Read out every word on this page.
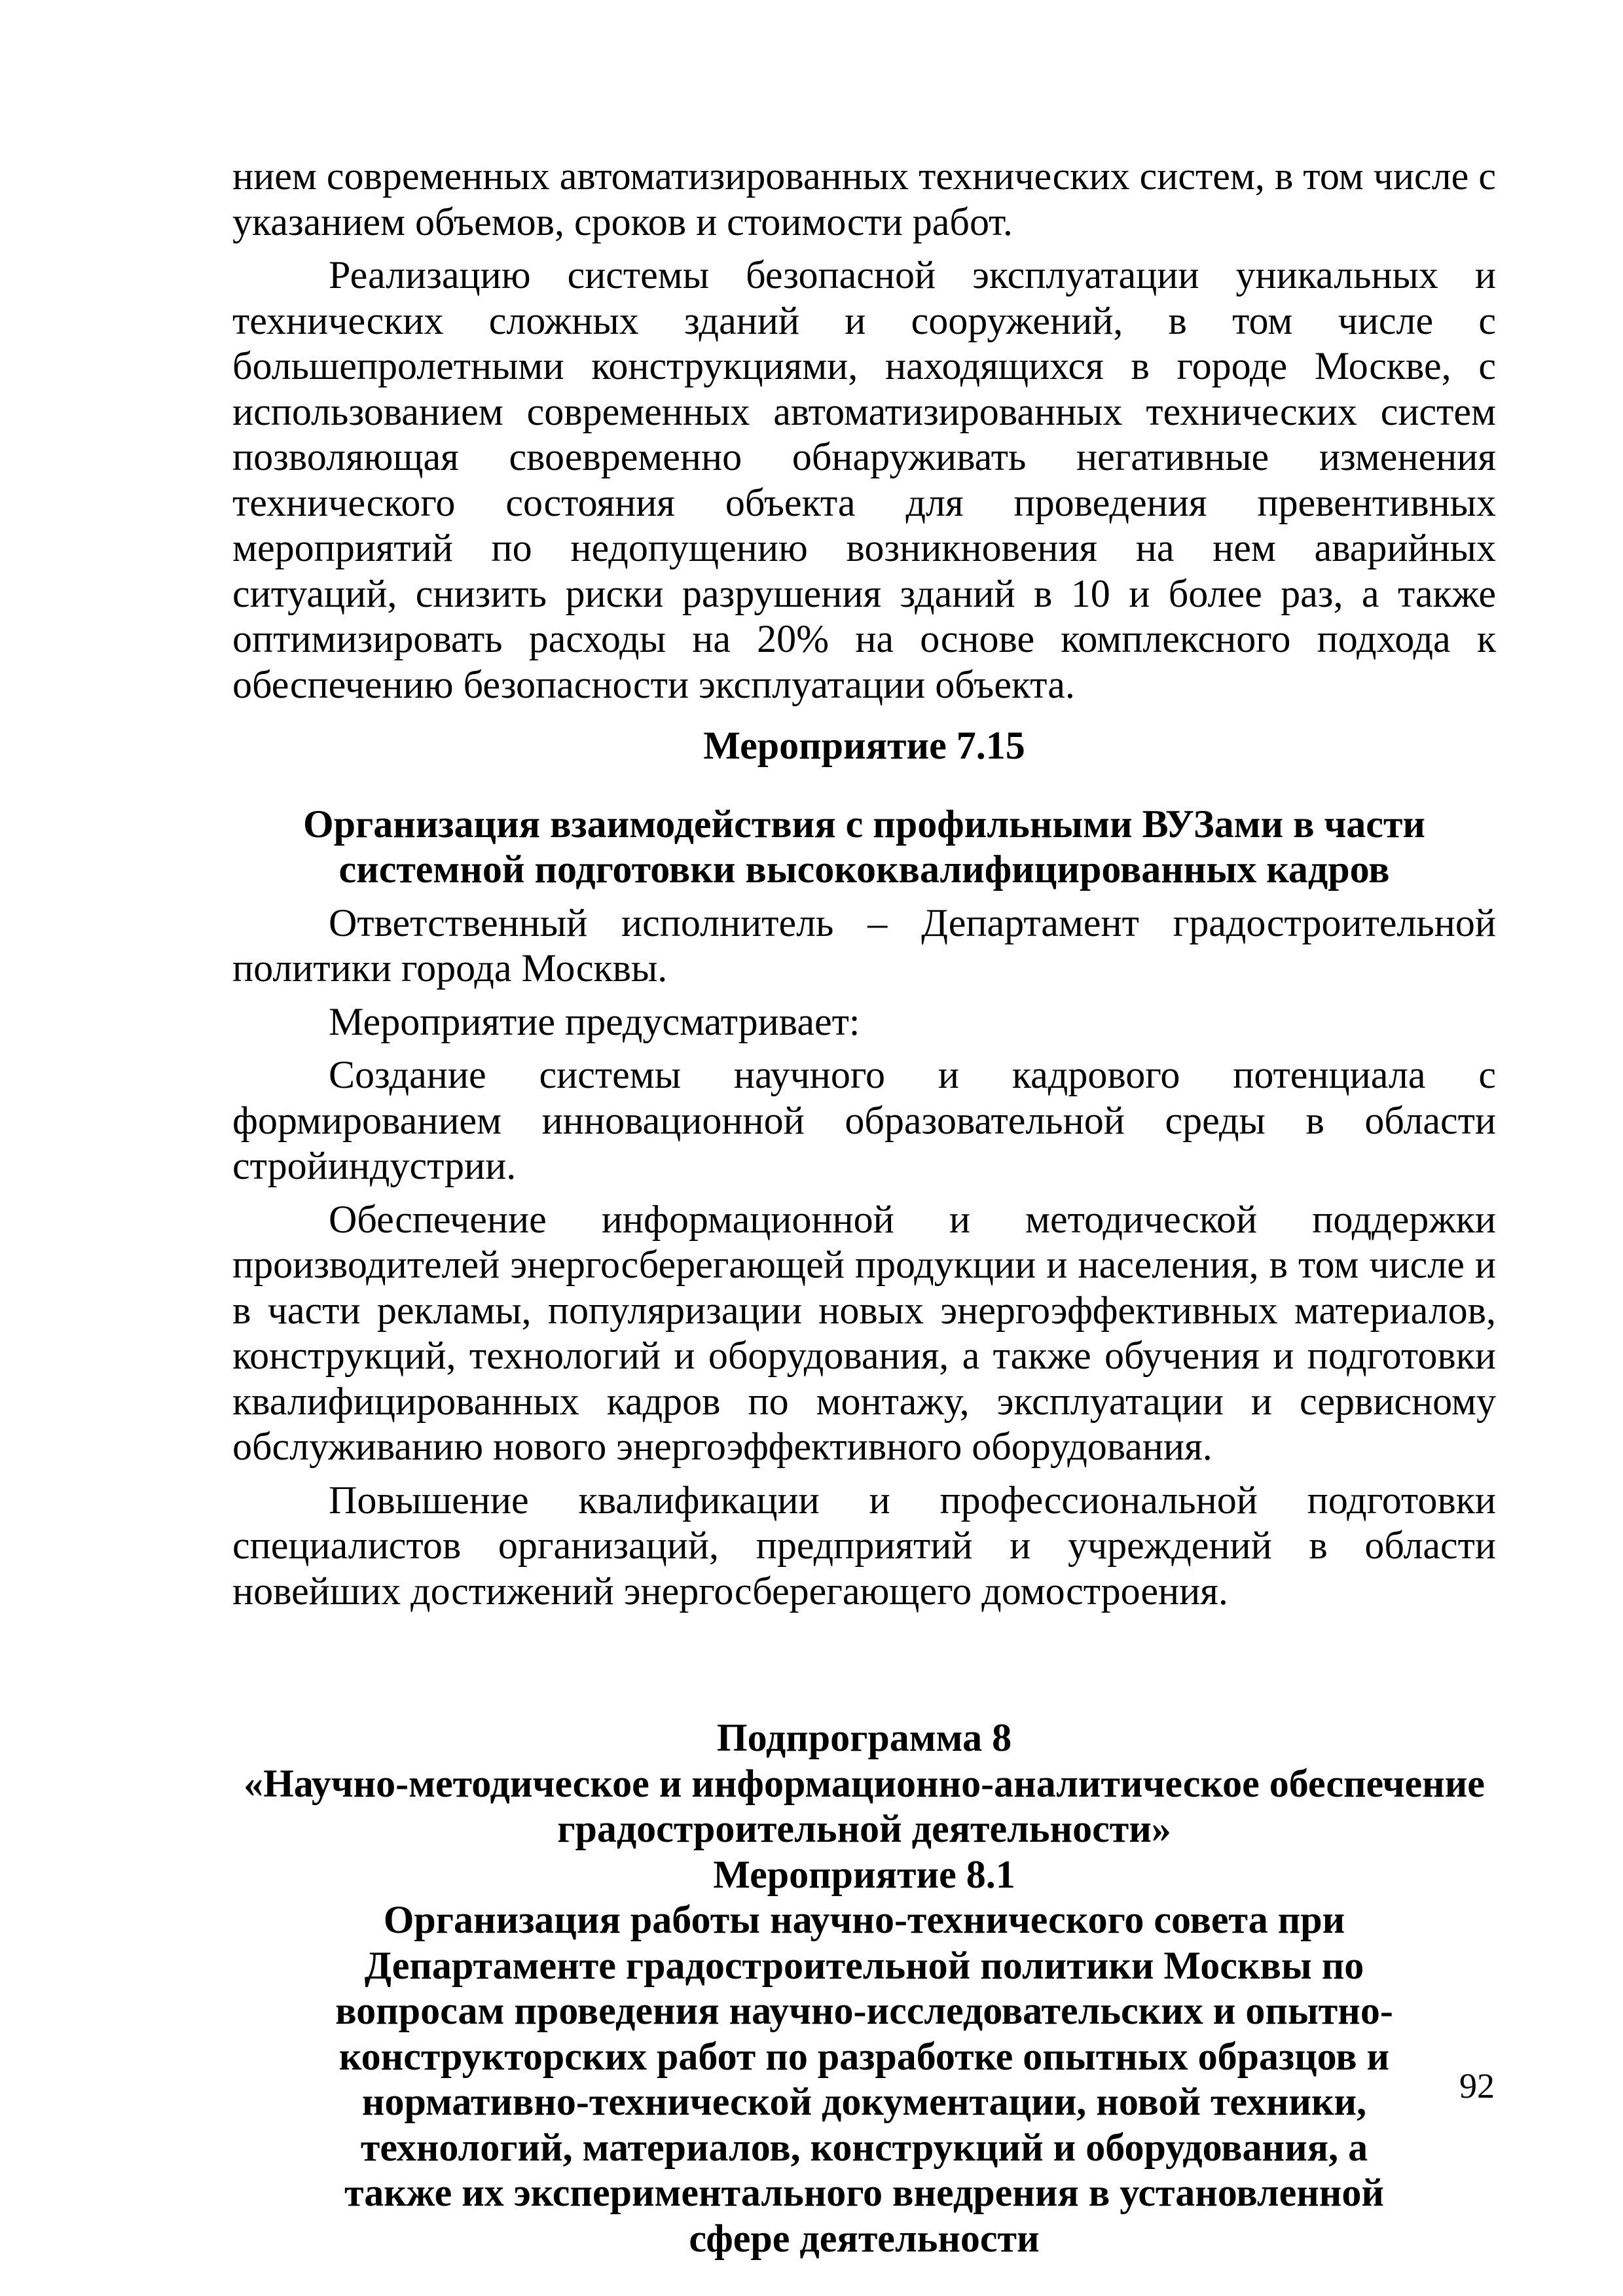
нием современных автоматизированных технических систем, в том числе с указанием объемов, сроков и стоимости работ.

Реализацию системы безопасной эксплуатации уникальных и технических сложных зданий и сооружений, в том числе с большепролетными конструкциями, находящихся в городе Москве, с использованием современных автоматизированных технических систем позволяющая своевременно обнаруживать негативные изменения технического состояния объекта для проведения превентивных мероприятий по недопущению возникновения на нем аварийных ситуаций, снизить риски разрушения зданий в 10 и более раз, а также оптимизировать расходы на 20% на основе комплексного подхода к обеспечению безопасности эксплуатации объекта.

Мероприятие 7.15
Организация взаимодействия с профильными ВУЗами в части системной подготовки высококвалифицированных кадров

Ответственный исполнитель – Департамент градостроительной политики города Москвы.

Мероприятие предусматривает:

Создание системы научного и кадрового потенциала с формированием инновационной образовательной среды в области стройиндустрии.

Обеспечение информационной и методической поддержки производителей энергосберегающей продукции и населения, в том числе и в части рекламы, популяризации новых энергоэффективных материалов, конструкций, технологий и оборудования, а также обучения и подготовки квалифицированных кадров по монтажу, эксплуатации и сервисному обслуживанию нового энергоэффективного оборудования.

Повышение квалификации и профессиональной подготовки специалистов организаций, предприятий и учреждений в области новейших достижений энергосберегающего домостроения.

Подпрограмма 8
«Научно-методическое и информационно-аналитическое обеспечение градостроительной деятельности»
Мероприятие 8.1
Организация работы научно-технического совета при Департаменте градостроительной политики Москвы по вопросам проведения научно-исследовательских и опытно-конструкторских работ по разработке опытных образцов и нормативно-технической документации, новой техники, технологий, материалов, конструкций и оборудования, а также их экспериментального внедрения в установленной сфере деятельности
92
